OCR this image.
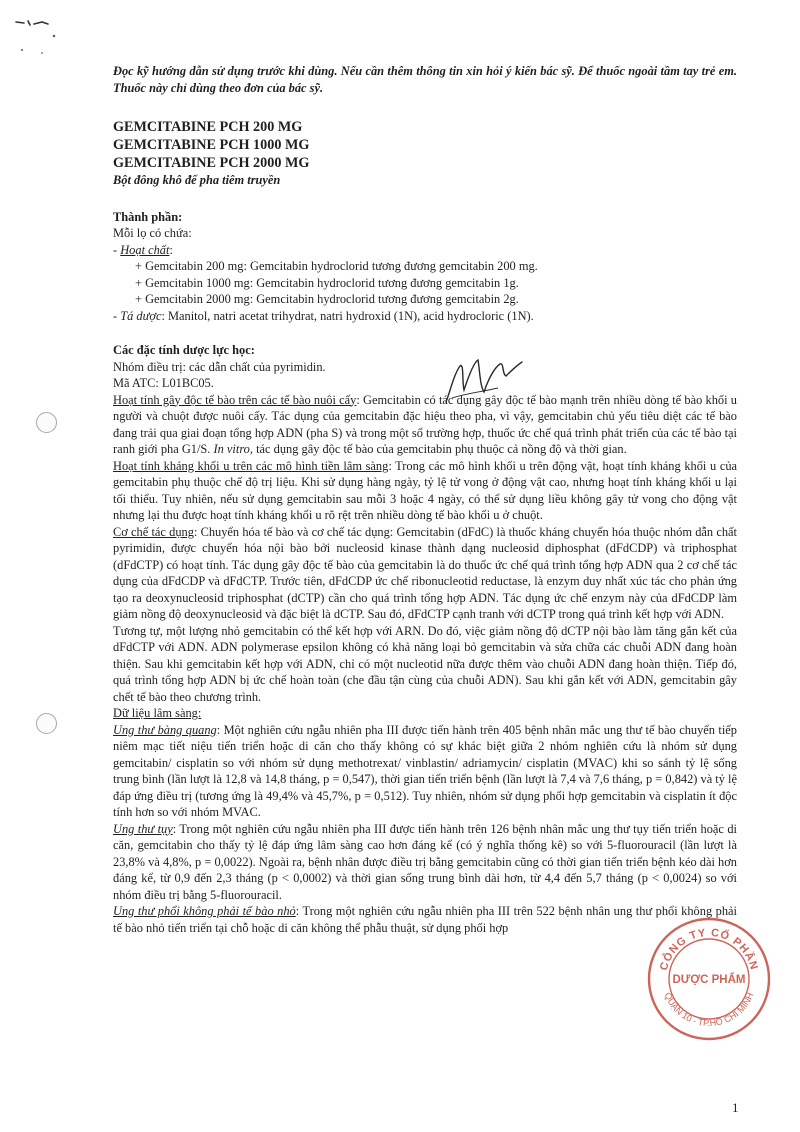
Đọc kỹ hướng dẫn sử dụng trước khi dùng. Nếu cần thêm thông tin xin hỏi ý kiến bác sỹ. Để thuốc ngoài tầm tay trẻ em. Thuốc này chỉ dùng theo đơn của bác sỹ.

GEMCITABINE PCH 200 MG

GEMCITABINE PCH 1000 MG

GEMCITABINE PCH 2000 MG

Bột đông khô để pha tiêm truyền

Thành phần:

Mỗi lọ có chứa:

- Hoạt chất:

+ Gemcitabin 200 mg: Gemcitabin hydroclorid tương đương gemcitabin 200 mg.

+ Gemcitabin 1000 mg: Gemcitabin hydroclorid tương đương gemcitabin 1g.

+ Gemcitabin 2000 mg: Gemcitabin hydroclorid tương đương gemcitabin 2g.

- Tá dược: Manitol, natri acetat trihydrat, natri hydroxid (1N), acid hydrocloric (1N).

Các đặc tính dược lực học:

Nhóm điều trị: các dẫn chất của pyrimidin.

Mã ATC: L01BC05.

Hoạt tính gây độc tế bào trên các tế bào nuôi cấy: Gemcitabin có tác dụng gây độc tế bào mạnh trên nhiều dòng tế bào khối u người và chuột được nuôi cấy. Tác dụng của gemcitabin đặc hiệu theo pha, vì vậy, gemcitabin chủ yếu tiêu diệt các tế bào đang trải qua giai đoạn tổng hợp ADN (pha S) và trong một số trường hợp, thuốc ức chế quá trình phát triển của các tế bào tại ranh giới pha G1/S. In vitro, tác dụng gây độc tế bào của gemcitabin phụ thuộc cả nồng độ và thời gian.

Hoạt tính kháng khối u trên các mô hình tiền lâm sàng: Trong các mô hình khối u trên động vật, hoạt tính kháng khối u của gemcitabin phụ thuộc chế độ trị liệu. Khi sử dụng hàng ngày, tỷ lệ tử vong ở động vật cao, nhưng hoạt tính kháng khối u lại tối thiểu. Tuy nhiên, nếu sử dụng gemcitabin sau mỗi 3 hoặc 4 ngày, có thể sử dụng liều không gây tử vong cho động vật nhưng lại thu được hoạt tính kháng khối u rõ rệt trên nhiều dòng tế bào khối u ở chuột.

Cơ chế tác dụng: Chuyển hóa tế bào và cơ chế tác dụng: Gemcitabin (dFdC) là thuốc kháng chuyển hóa thuộc nhóm dẫn chất pyrimidin, được chuyển hóa nội bào bởi nucleosid kinase thành dạng nucleosid diphosphat (dFdCDP) và triphosphat (dFdCTP) có hoạt tính. Tác dụng gây độc tế bào của gemcitabin là do thuốc ức chế quá trình tổng hợp ADN qua 2 cơ chế tác dụng của dFdCDP và dFdCTP. Trước tiên, dFdCDP ức chế ribonucleotid reductase, là enzym duy nhất xúc tác cho phản ứng tạo ra deoxynucleosid triphosphat (dCTP) cần cho quá trình tổng hợp ADN. Tác dụng ức chế enzym này của dFdCDP làm giảm nồng độ deoxynucleosid và đặc biệt là dCTP. Sau đó, dFdCTP cạnh tranh với dCTP trong quá trình kết hợp với ADN.

Tương tự, một lượng nhỏ gemcitabin có thể kết hợp với ARN. Do đó, việc giảm nồng độ dCTP nội bào làm tăng gắn kết của dFdCTP với ADN. ADN polymerase epsilon không có khả năng loại bỏ gemcitabin và sửa chữa các chuỗi ADN đang hoàn thiện. Sau khi gemcitabin kết hợp với ADN, chỉ có một nucleotid nữa được thêm vào chuỗi ADN đang hoàn thiện. Tiếp đó, quá trình tổng hợp ADN bị ức chế hoàn toàn (che đầu tận cùng của chuỗi ADN). Sau khi gắn kết với ADN, gemcitabin gây chết tế bào theo chương trình.

Dữ liệu lâm sàng:

Ung thư bàng quang: Một nghiên cứu ngẫu nhiên pha III được tiến hành trên 405 bệnh nhân mắc ung thư tế bào chuyển tiếp niêm mạc tiết niệu tiến triển hoặc di căn cho thấy không có sự khác biệt giữa 2 nhóm nghiên cứu là nhóm sử dụng gemcitabin/ cisplatin so với nhóm sử dụng methotrexat/ vinblastin/ adriamycin/ cisplatin (MVAC) khi so sánh tỷ lệ sống trung bình (lần lượt là 12,8 và 14,8 tháng, p = 0,547), thời gian tiến triển bệnh (lần lượt là 7,4 và 7,6 tháng, p = 0,842) và tỷ lệ đáp ứng điều trị (tương ứng là 49,4% và 45,7%, p = 0,512). Tuy nhiên, nhóm sử dụng phối hợp gemcitabin và cisplatin ít độc tính hơn so với nhóm MVAC.

Ung thư tụy: Trong một nghiên cứu ngẫu nhiên pha III được tiến hành trên 126 bệnh nhân mắc ung thư tụy tiến triển hoặc di căn, gemcitabin cho thấy tỷ lệ đáp ứng lâm sàng cao hơn đáng kể (có ý nghĩa thống kê) so với 5-fluorouracil (lần lượt là 23,8% và 4,8%, p = 0,0022). Ngoài ra, bệnh nhân được điều trị bằng gemcitabin cũng có thời gian tiến triển bệnh kéo dài hơn đáng kể, từ 0,9 đến 2,3 tháng (p < 0,0002) và thời gian sống trung bình dài hơn, từ 4,4 đến 5,7 tháng (p < 0,0024) so với nhóm điều trị bằng 5-fluorouracil.

Ung thư phổi không phải tế bào nhỏ: Trong một nghiên cứu ngẫu nhiên pha III trên 522 bệnh nhân ung thư phổi không phải tế bào nhỏ tiến triển tại chỗ hoặc di căn không thể phẫu thuật, sử dụng phối hợp

CÔNG TY CỔ PHẦN
QUẬN 10 - TP.HỒ CHÍ MINH
DƯỢC PHẨM
1
